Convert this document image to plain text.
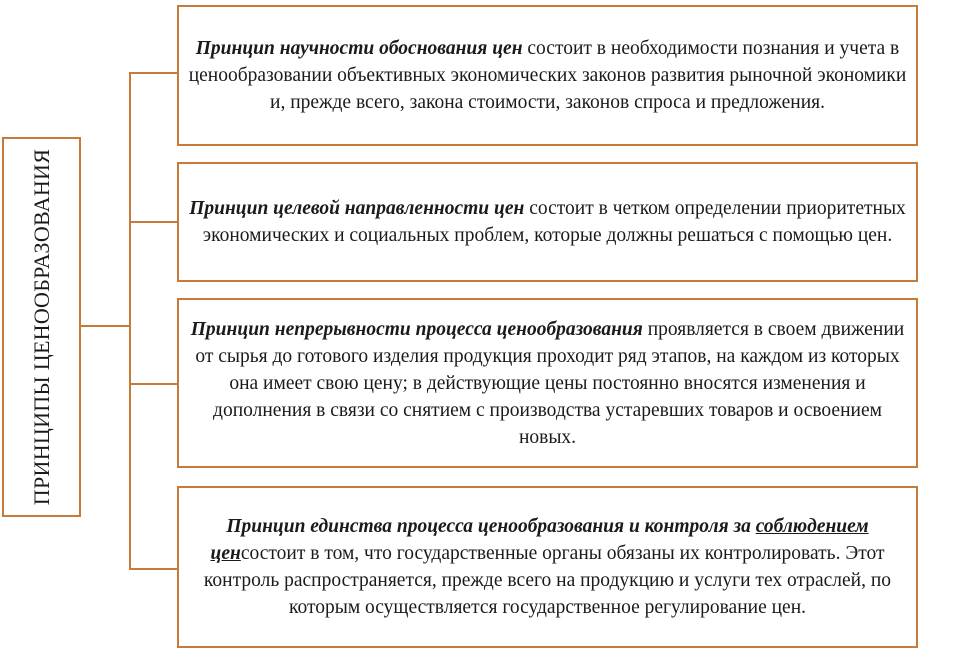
ПРИНЦИПЫ ЦЕНООБРАЗОВАНИЯ

Принцип научности обоснования цен состоит в необходимости познания и учета в ценообразовании объективных экономических законов развития рыночной экономики и, прежде всего, закона стоимости, законов спроса и предложения.

Принцип целевой направленности цен состоит в четком определении приоритетных экономических и социальных проблем, которые должны решаться с помощью цен.

Принцип непрерывности процесса ценообразования проявляется в своем движении от сырья до готового изделия продукция проходит ряд этапов, на каждом из которых она имеет свою цену; в действующие цены постоянно вносятся изменения и дополнения в связи со снятием с производства устаревших товаров и освоением новых.

Принцип единства процесса ценообразования и контроля за соблюдением ценсостоит в том, что государственные органы обязаны их контролировать. Этот контроль распространяется, прежде всего на продукцию и услуги тех отраслей, по которым осуществляется государственное регулирование цен.
